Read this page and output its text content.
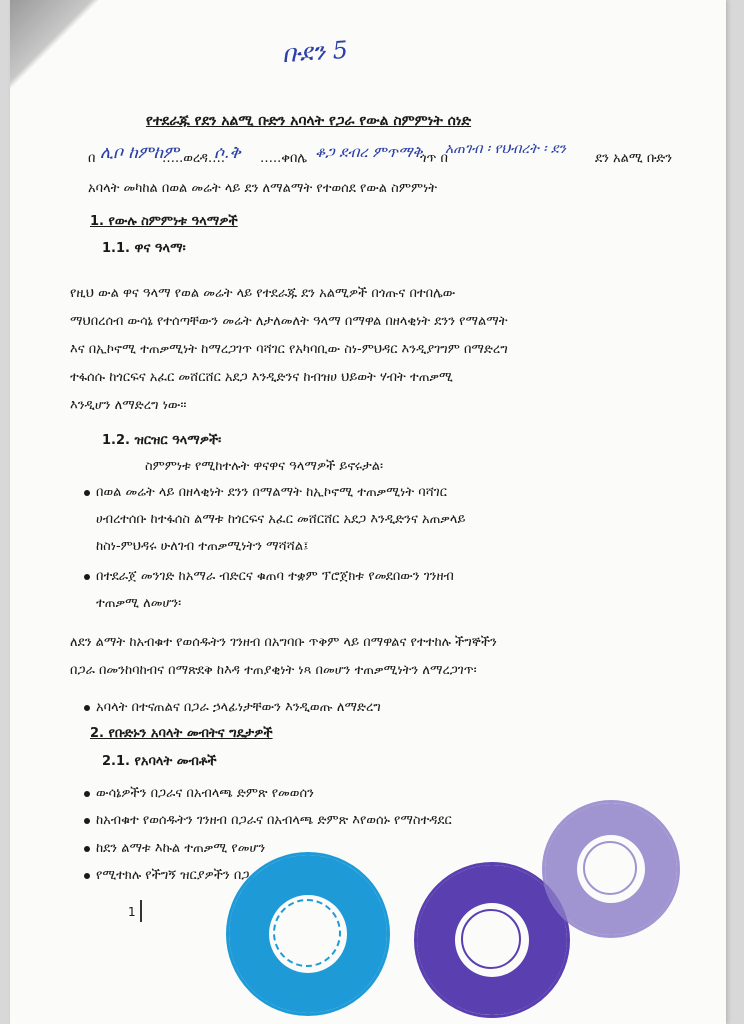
ቡደን 5
የተደራጁ የደን አልሚ ቡድን አባላት የጋራ የውል ስምምነት ሰነድ
በ ሊቦ ከምከም
…..ወረዳ….
ሶ.ቅ …..ቀበሌ ቆጋ ደብረ ምጥማቅ
ጎጥ በ
አጠገብ ፡ የህብረት ፡ ደን
ደን አልሚ ቡድን
አባላት መካከል በወል መሬት ላይ ደን ለማልማት የተወሰደ የውል ስምምነት
1. የውሉ ስምምነቱ ዓላማዎች
1.1. ዋና ዓላማ፡
የዚህ ውል ዋና ዓላማ የወል መሬት ላይ የተደራጁ ደን አልሚዎች በጎጡና በተበሌው
ማህበረሰብ ውሳኔ የተሰጣቸውን መሬት ለታለመለት ዓላማ በማዋል በዘላቂነት ደንን የማልማት
እና በኢኮኖሚ ተጠቃሚነት ከማረጋገጥ ባሻገር የአካባቢው ስነ-ምህዳር እንዲያገግም በማድረግ
ተፋሰሱ ከጎርፍና አፈር መሸርሸር አደጋ እንዲድንና ከብዝሀ ህይወት ሃብት ተጠቃሚ
እንዲሆን ለማድረግ ነው፡፡
1.2. ዝርዝር ዓላማዎች፡
ስምምነቱ የሚከተሉት ዋናዋና ዓላማዎች ይኖሩታል፡
በወል መሬት ላይ በዘላቂነት ደንን በማልማት ከኢኮኖሚ ተጠቃሚነት ባሻገር
ሀብረተሰቡ ከተፋሰስ ልማቱ ከጎርፍና አፈር መሸርሸር አደጋ እንዲድንና አጠቃላይ
ከስነ-ምህዳሩ ሁለገብ ተጠቃሚነትን ማሻሻል፤
በተደራጀ መንገድ ከአማራ ብድርና ቁጠባ ተቋም ፕሮጀክቱ የመደበውን ገንዘብ
ተጠቃሚ ለመሆን፡
ለደን ልማት ከአብቁተ የወሰዱትን ገንዘብ በአግባቡ ጥቅም ላይ በማዋልና የተተከሉ ችግኞችን
በጋራ በመንከባከብና በማጽደቅ ከእዳ ተጠያቂነት ነጻ በመሆን ተጠቃሚነትን ለማረጋገጥ፡
አባላት በተናጠልና በጋራ ኃላፊነታቸውን እንዲወጡ ለማድረግ
2. የቡድኑን አባላት መብትና ግዴታዎች
2.1. የአባላት መብቶች
ውሳኔዎችን በጋራና በአብላጫ ድምጽ የመወሰን
ከአብቁተ የወሰዱትን ገንዘብ በጋራና በአብላጫ ድምጽ እየወሰኑ የማስተዳደር
ከደን ልማቱ እኩል ተጠቃሚ የመሆን
የሚተክሉ የችግኝ ዝርያዎችን በጋራ ለትተዳደር የመወሰን
1
☆
★
